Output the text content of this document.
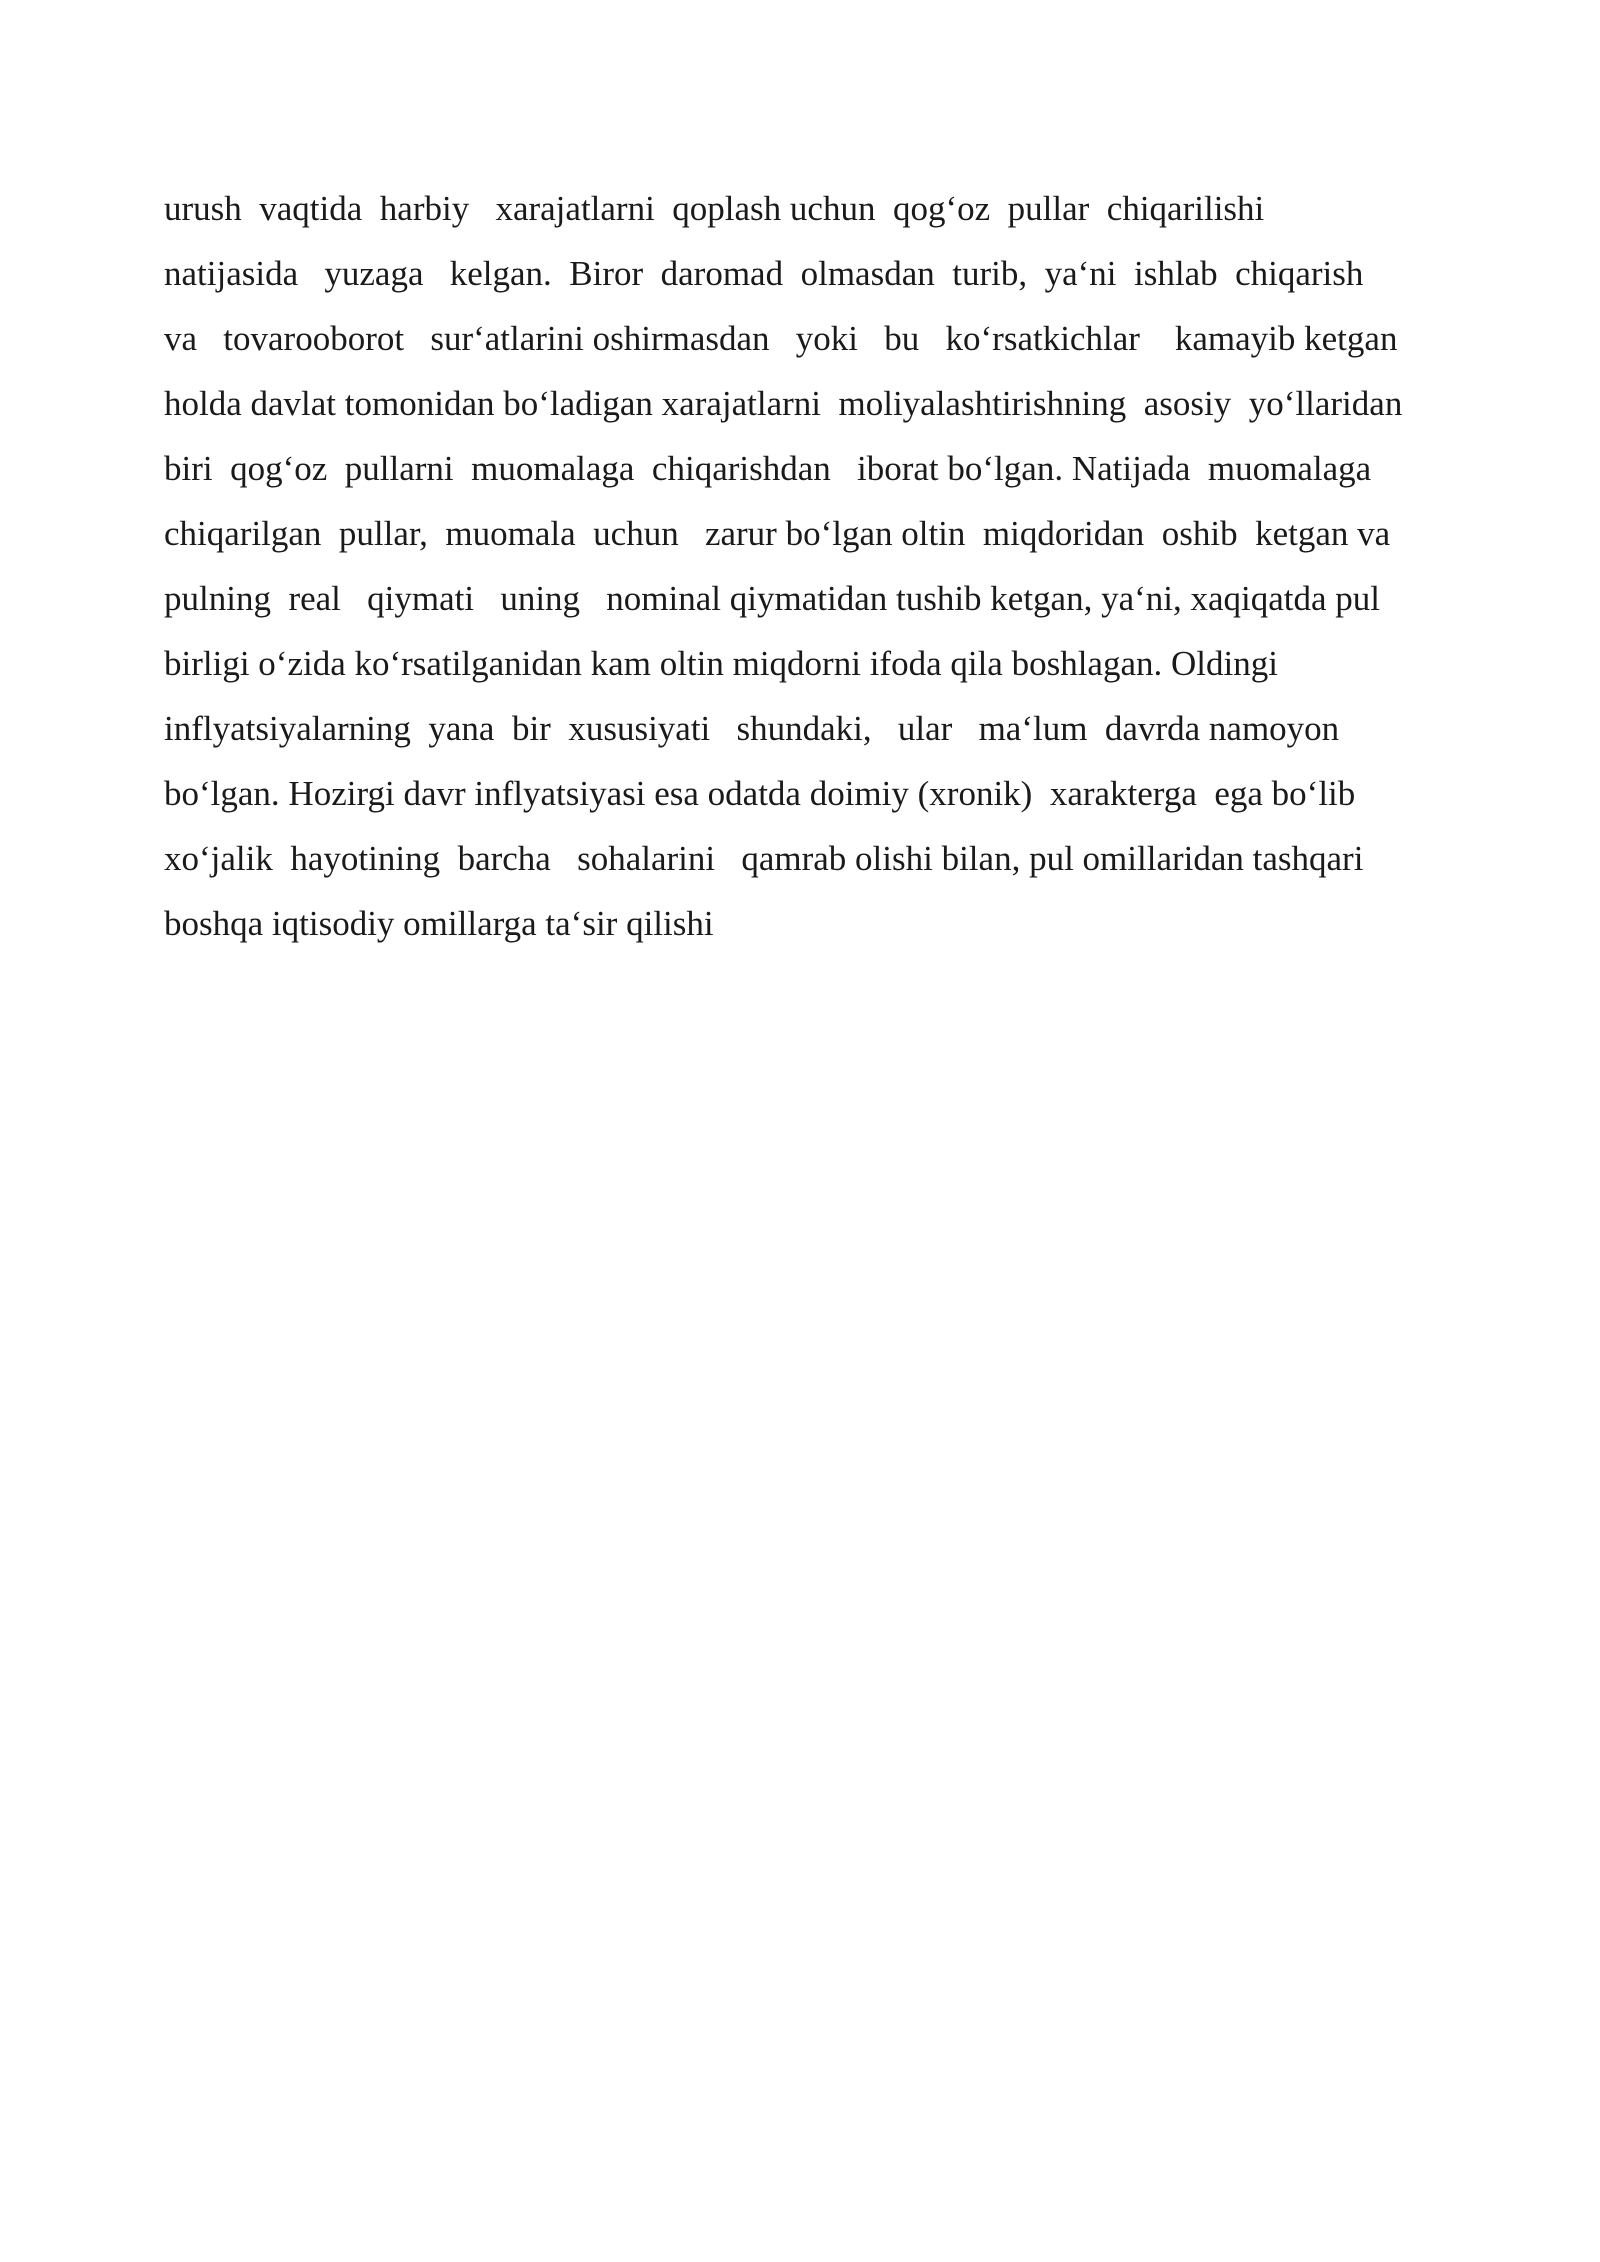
urush  vaqtida  harbiy   xarajatlarni  qoplash uchun  qog‘oz  pullar  chiqarilishi
natijasida   yuzaga   kelgan.  Biror  daromad  olmasdan  turib,  ya‘ni  ishlab  chiqarish
va   tovarooborot   sur‘atlarini oshirmasdan   yoki   bu   ko‘rsatkichlar    kamayib ketgan
holda davlat tomonidan bo‘ladigan xarajatlarni  moliyalashtirishning  asosiy  yo‘llaridan
biri  qog‘oz  pullarni  muomalaga  chiqarishdan   iborat bo‘lgan. Natijada  muomalaga
chiqarilgan  pullar,  muomala  uchun   zarur bo‘lgan oltin  miqdoridan  oshib  ketgan va
pulning  real   qiymati   uning   nominal qiymatidan tushib ketgan, ya‘ni, xaqiqatda pul
birligi o‘zida ko‘rsatilganidan kam oltin miqdorni ifoda qila boshlagan. Oldingi
inflyatsiyalarning  yana  bir  xususiyati   shundaki,   ular   ma‘lum  davrda namoyon
bo‘lgan. Hozirgi davr inflyatsiyasi esa odatda doimiy (xronik)  xarakterga  ega bo‘lib
xo‘jalik  hayotining  barcha   sohalarini   qamrab olishi bilan, pul omillaridan tashqari
boshqa iqtisodiy omillarga ta‘sir qilishi
